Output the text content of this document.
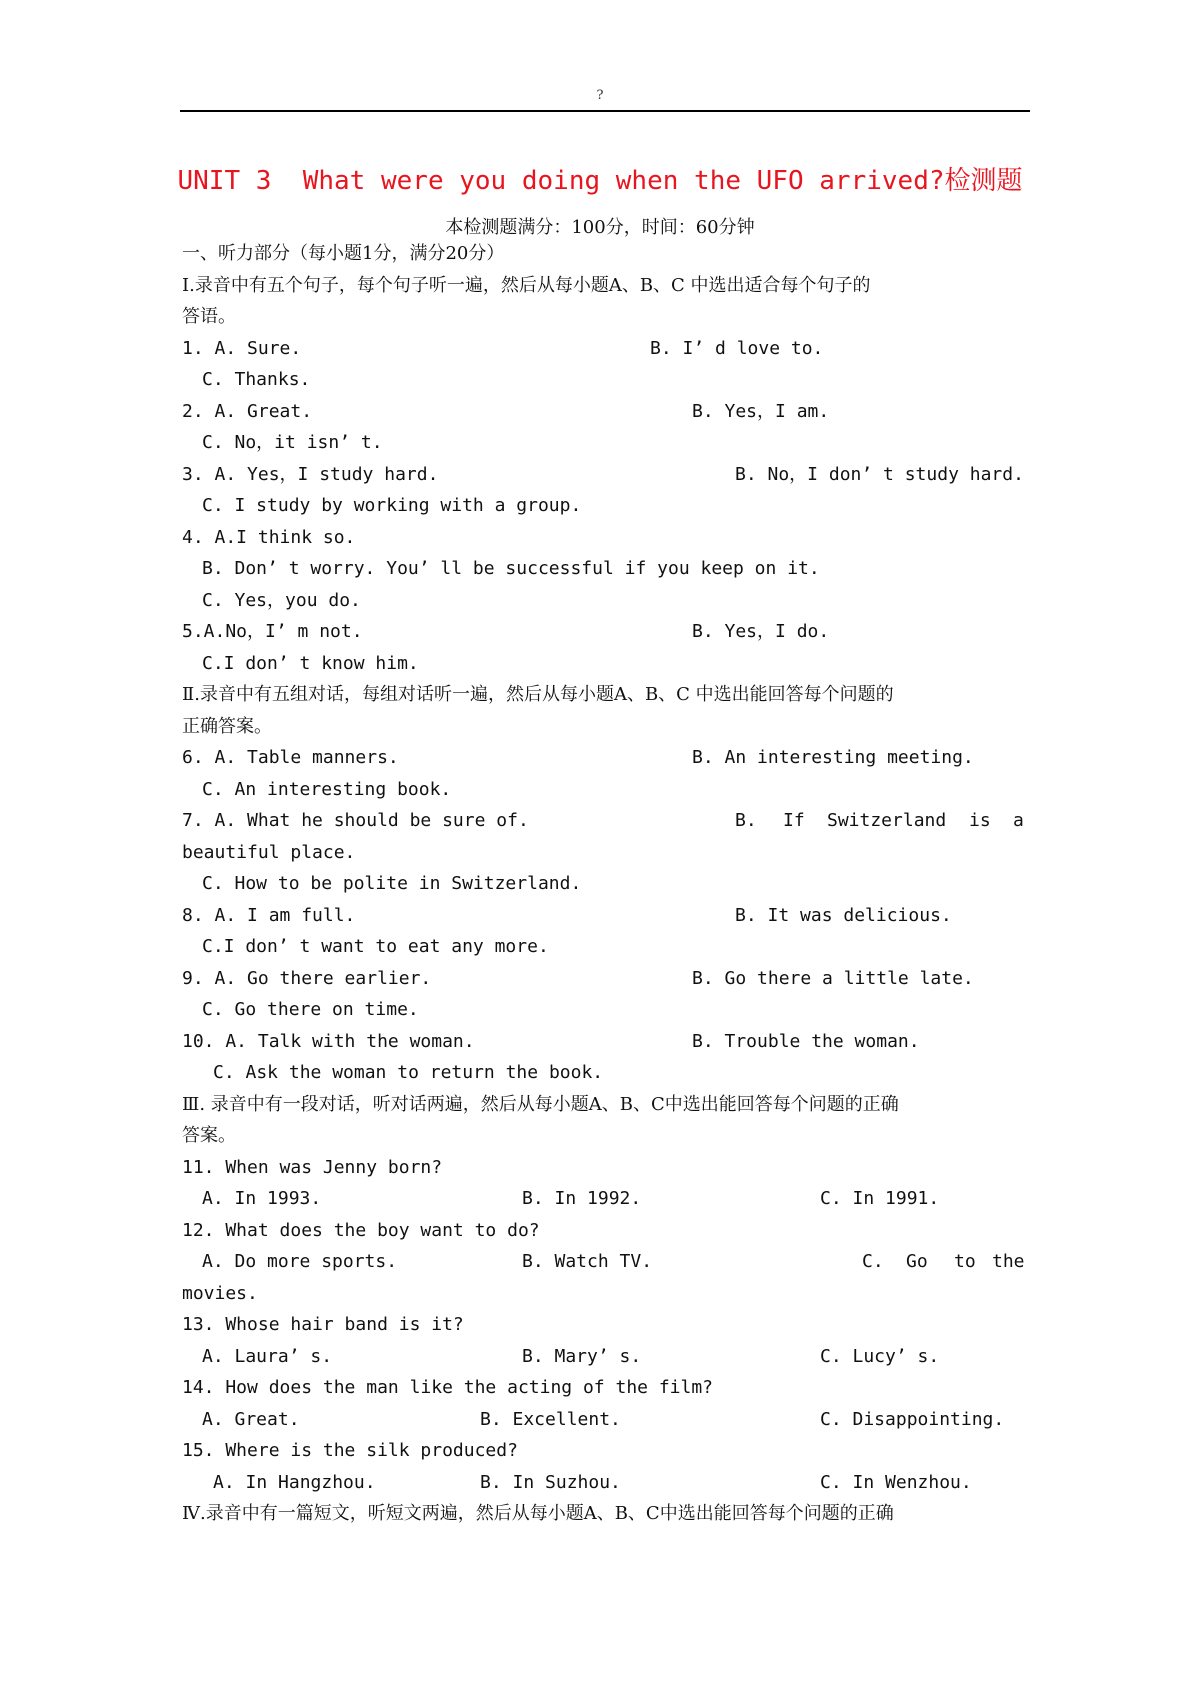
?
UNIT 3  What were you doing when the UFO arrived?检测题
本检测题满分：100分，时间：60分钟
一、听力部分（每小题1分，满分20分）
Ⅰ.录音中有五个句子，每个句子听一遍，然后从每小题A、B、C 中选出适合每个句子的
答语。

1. A. Sure.

	B. I’ d love to.

C. Thanks.

2. A. Great.

	B. Yes，I am.

C. No，it isn’ t.

3. A. Yes，I study hard.

	B. No，I don’ t study hard.

C. I study by working with a group.
4. A.I think so.
B. Don’ t worry. You’ ll be successful if you keep on it.
C. Yes，you do.

5.A.No，I’ m not.

	B. Yes，I do.

C.I don’ t know him.
Ⅱ.录音中有五组对话，每组对话听一遍，然后从每小题A、B、C 中选出能回答每个问题的
正确答案。

6. A. Table manners.

	B. An interesting meeting.

C. An interesting book.

7. A. What he should be sure of.

	B.

If

Switzerland

is

a

beautiful place.
C. How to be polite in Switzerland.

8. A. I am full.

	B. It was delicious.

C.I don’ t want to eat any more.

9. A. Go there earlier.

	B. Go there a little late.

C. Go there on time.

10. A. Talk with the woman.

	B. Trouble the woman.

C. Ask the woman to return the book.
Ⅲ. 录音中有一段对话，听对话两遍，然后从每小题A、B、C中选出能回答每个问题的正确
答案。
11. When was Jenny born?

A. In 1993.

	B. In 1992.

	C. In 1991.

12. What does the boy want to do?

A. Do more sports.

	B. Watch TV.

	C.

Go

to

the

movies.
13. Whose hair band is it?

A. Laura’ s.

	B. Mary’ s.

	C. Lucy’ s.

14. How does the man like the acting of the film?

A. Great.

	B. Excellent.

	C. Disappointing.

15. Where is the silk produced?

A. In Hangzhou.

	B. In Suzhou.

	C. In Wenzhou.

Ⅳ.录音中有一篇短文，听短文两遍，然后从每小题A、B、C中选出能回答每个问题的正确
